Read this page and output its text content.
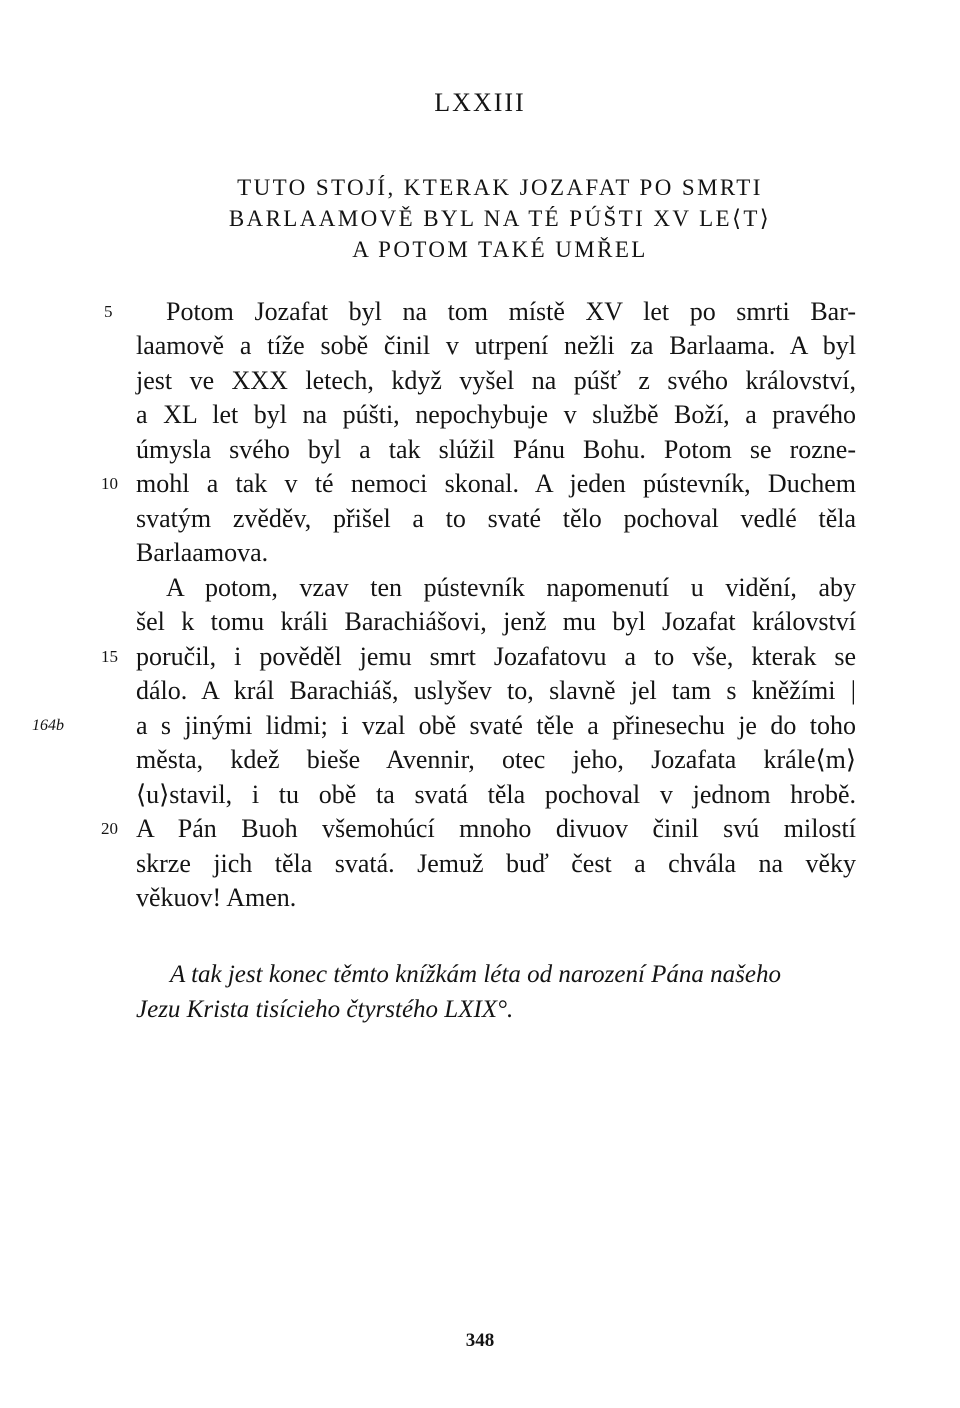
LXXIII
TUTO STOJÍ, KTERAK JOZAFAT PO SMRTI
BARLAAMOVĚ BYL NA TÉ PÚŠTI XV LE⟨T⟩
A POTOM TAKÉ UMŘEL
Potom Jozafat byl na tom místě XV let po smrti Bar-
laamově a tíže sobě činil v utrpení nežli za Barlaama. A byl
jest ve XXX letech, když vyšel na púšť z svého království,
a XL let byl na púšti, nepochybuje v službě Boží, a pravého
úmysla svého byl a tak slúžil Pánu Bohu. Potom se rozne-
mohl a tak v té nemoci skonal. A jeden pústevník, Duchem
svatým zvěděv, přišel a to svaté tělo pochoval vedlé těla
Barlaamova.
A potom, vzav ten pústevník napomenutí u vidění, aby
šel k tomu králi Barachiášovi, jenž mu byl Jozafat království
poručil, i pověděl jemu smrt Jozafatovu a to vše, kterak se
dálo. A král Barachiáš, uslyšev to, slavně jel tam s kněžími |
a s jinými lidmi; i vzal obě svaté těle a přinesechu je do toho
města, kdež bieše Avennir, otec jeho, Jozafata krále⟨m⟩
⟨u⟩stavil, i tu obě ta svatá těla pochoval v jednom hrobě.
A Pán Buoh všemohúcí mnoho divuov činil svú milostí
skrze jich těla svatá. Jemuž buď čest a chvála na věky
věkuov! Amen.
5
10
15
20
164b
A tak jest konec těmto knížkám léta od narození Pána našeho
Jezu Krista tisícieho čtyrstého LXIX°.
348
